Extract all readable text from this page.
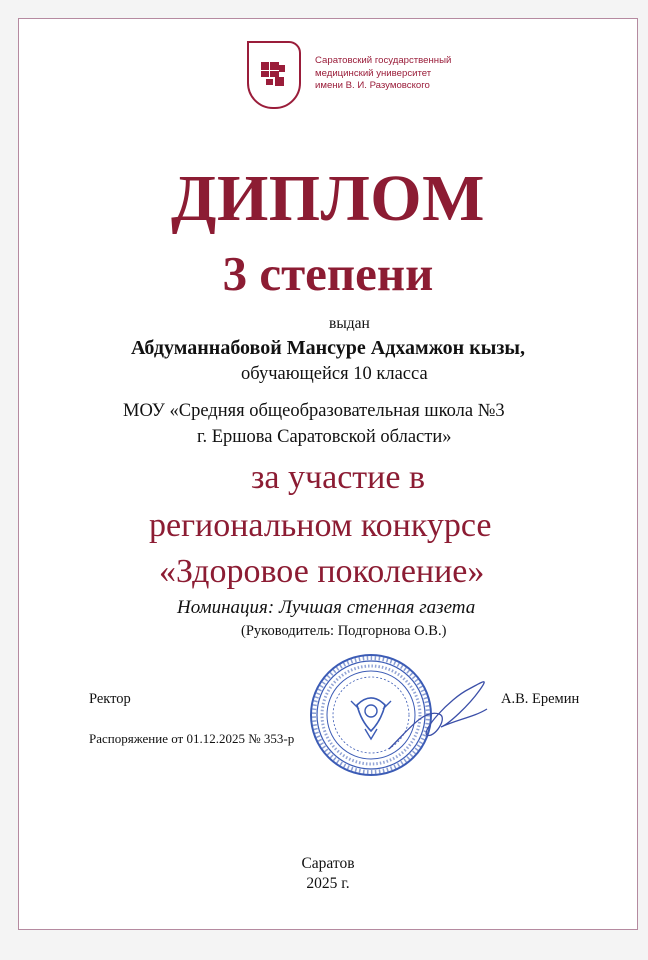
Саратовский государственный
медицинский университет
имени В. И. Разумовского
ДИПЛОМ
3 степени
выдан
Абдуманнабовой Мансуре Адхамжон кызы,
обучающейся 10 класса
МОУ «Средняя общеобразовательная школа №3
г. Ершова Саратовской области»
за участие в
региональном конкурсе
«Здоровое поколение»
Номинация: Лучшая стенная газета
(Руководитель: Подгорнова О.В.)
Ректор	А.В. Еремин
Распоряжение от 01.12.2025 № 353-р
Саратов
2025 г.
